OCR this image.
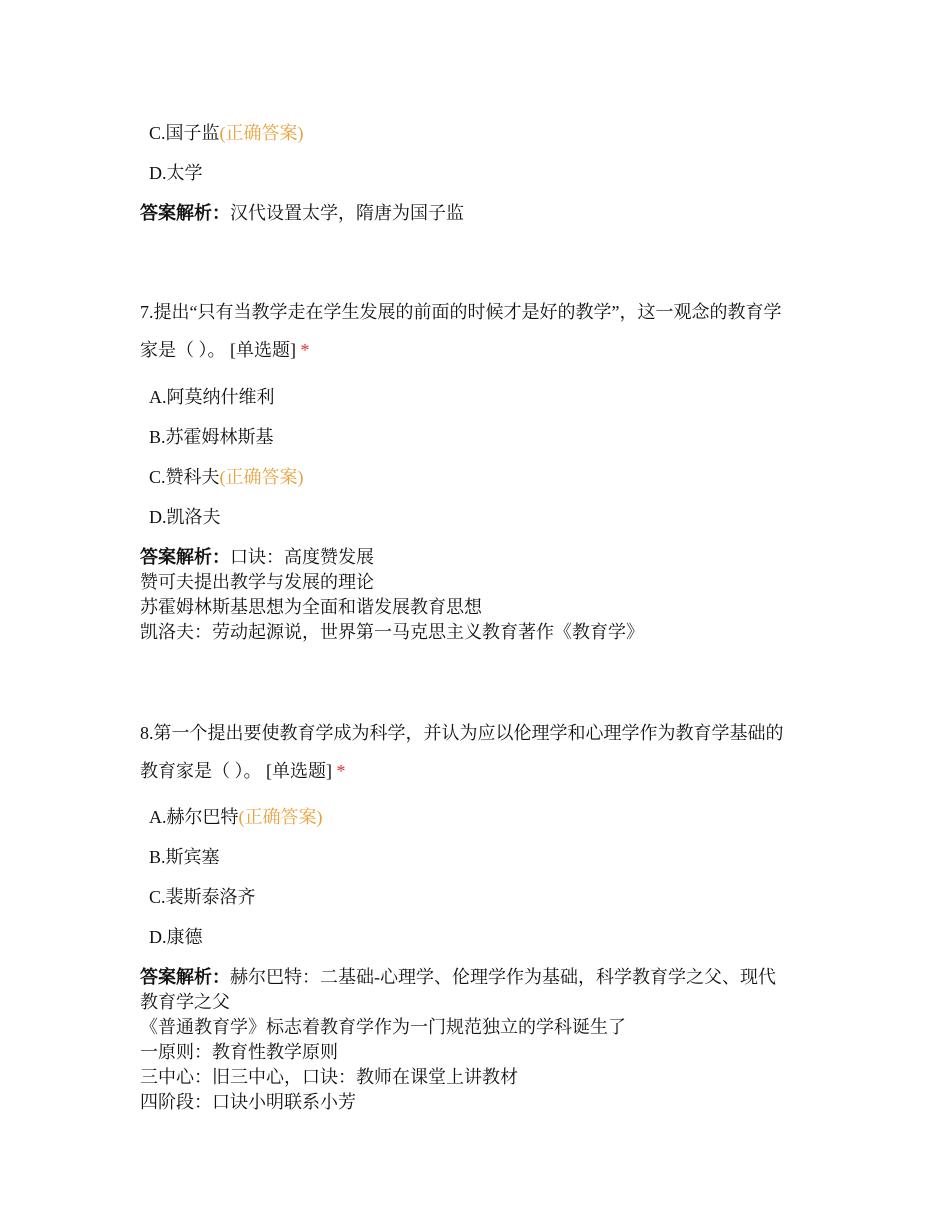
C.国子监(正确答案)
D.太学
答案解析：汉代设置太学，隋唐为国子监
7.提出“只有当教学走在学生发展的前面的时候才是好的教学”，这一观念的教育学
家是（ ）。 [单选题] *
A.阿莫纳什维利
B.苏霍姆林斯基
C.赞科夫(正确答案)
D.凯洛夫
答案解析：口诀：高度赞发展
赞可夫提出教学与发展的理论
苏霍姆林斯基思想为全面和谐发展教育思想
凯洛夫：劳动起源说，世界第一马克思主义教育著作《教育学》
8.第一个提出要使教育学成为科学，并认为应以伦理学和心理学作为教育学基础的
教育家是（ ）。 [单选题] *
A.赫尔巴特(正确答案)
B.斯宾塞
C.裴斯泰洛齐
D.康德
答案解析：赫尔巴特：二基础-心理学、伦理学作为基础，科学教育学之父、现代
教育学之父
《普通教育学》标志着教育学作为一门规范独立的学科诞生了
一原则：教育性教学原则
三中心：旧三中心，口诀：教师在课堂上讲教材
四阶段：口诀小明联系小芳
